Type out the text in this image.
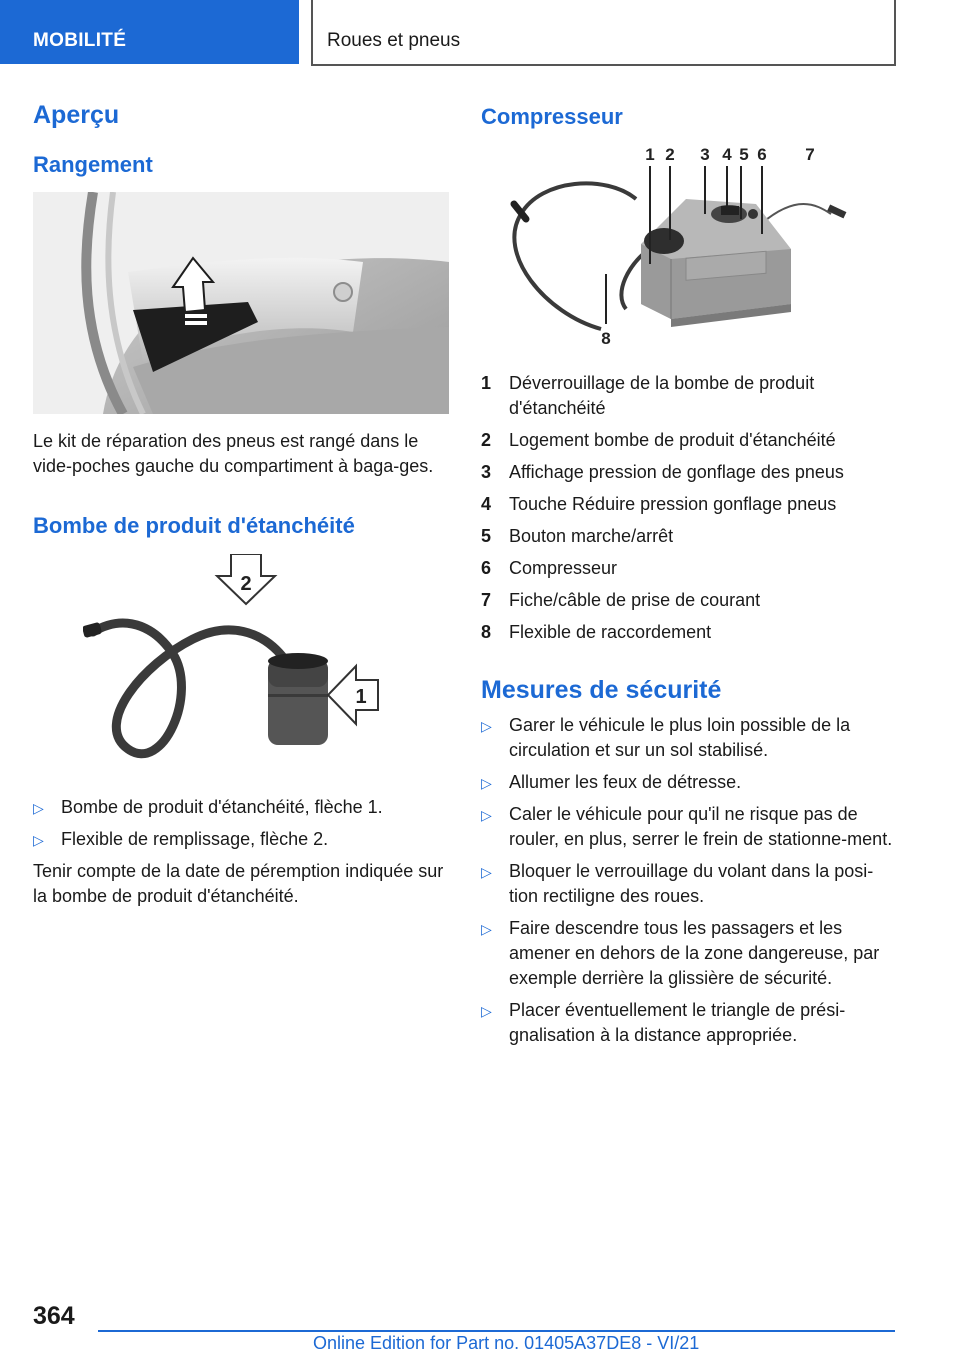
MOBILITÉ	Roues et pneus
Aperçu
Rangement

Le kit de réparation des pneus est rangé dans le vide-poches gauche du compartiment à baga-ges.

Bombe de produit d'étanchéité
2
1
▷ Bombe de produit d'étanchéité, flèche 1.
▷ Flexible de remplissage, flèche 2.

Tenir compte de la date de péremption indiquée sur la bombe de produit d'étanchéité.

Compresseur
1 2 3 4 5 6 7
8
1 Déverrouillage de la bombe de produit d'étanchéité
2 Logement bombe de produit d'étanchéité
3 Affichage pression de gonflage des pneus
4 Touche Réduire pression gonflage pneus
5 Bouton marche/arrêt
6 Compresseur
7 Fiche/câble de prise de courant
8 Flexible de raccordement
Mesures de sécurité
▷ Garer le véhicule le plus loin possible de la circulation et sur un sol stabilisé.
▷ Allumer les feux de détresse.
▷ Caler le véhicule pour qu'il ne risque pas de rouler, en plus, serrer le frein de stationne-ment.
▷ Bloquer le verrouillage du volant dans la posi-tion rectiligne des roues.
▷ Faire descendre tous les passagers et les amener en dehors de la zone dangereuse, par exemple derrière la glissière de sécurité.
▷ Placer éventuellement le triangle de prési-gnalisation à la distance appropriée.
364
Online Edition for Part no. 01405A37DE8 - VI/21
